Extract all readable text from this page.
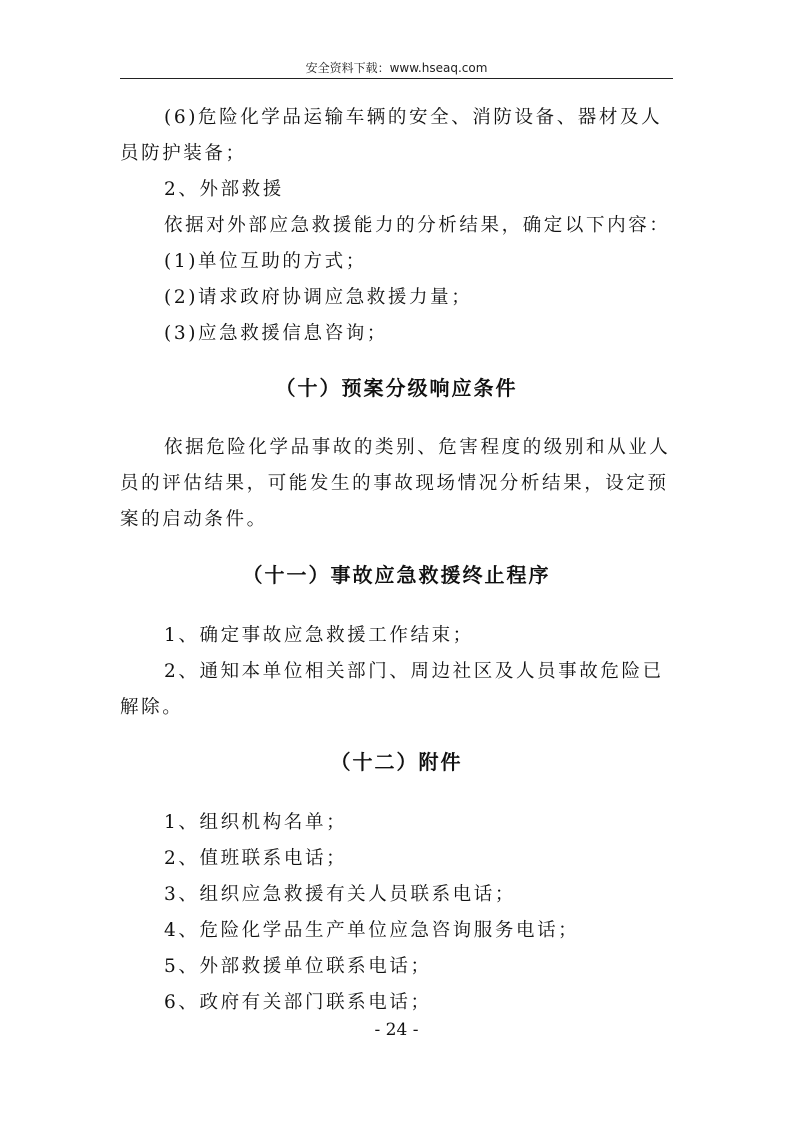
安全资料下载：www.hseaq.com
(6)危险化学品运输车辆的安全、消防设备、器材及人
员防护装备；
2、外部救援
依据对外部应急救援能力的分析结果，确定以下内容：
(1)单位互助的方式；
(2)请求政府协调应急救援力量；
(3)应急救援信息咨询；
（十）预案分级响应条件
依据危险化学品事故的类别、危害程度的级别和从业人
员的评估结果，可能发生的事故现场情况分析结果，设定预
案的启动条件。
（十一）事故应急救援终止程序
1、确定事故应急救援工作结束；
2、通知本单位相关部门、周边社区及人员事故危险已
解除。
（十二）附件
1、组织机构名单；
2、值班联系电话；
3、组织应急救援有关人员联系电话；
4、危险化学品生产单位应急咨询服务电话；
5、外部救援单位联系电话；
6、政府有关部门联系电话；
- 24 -
